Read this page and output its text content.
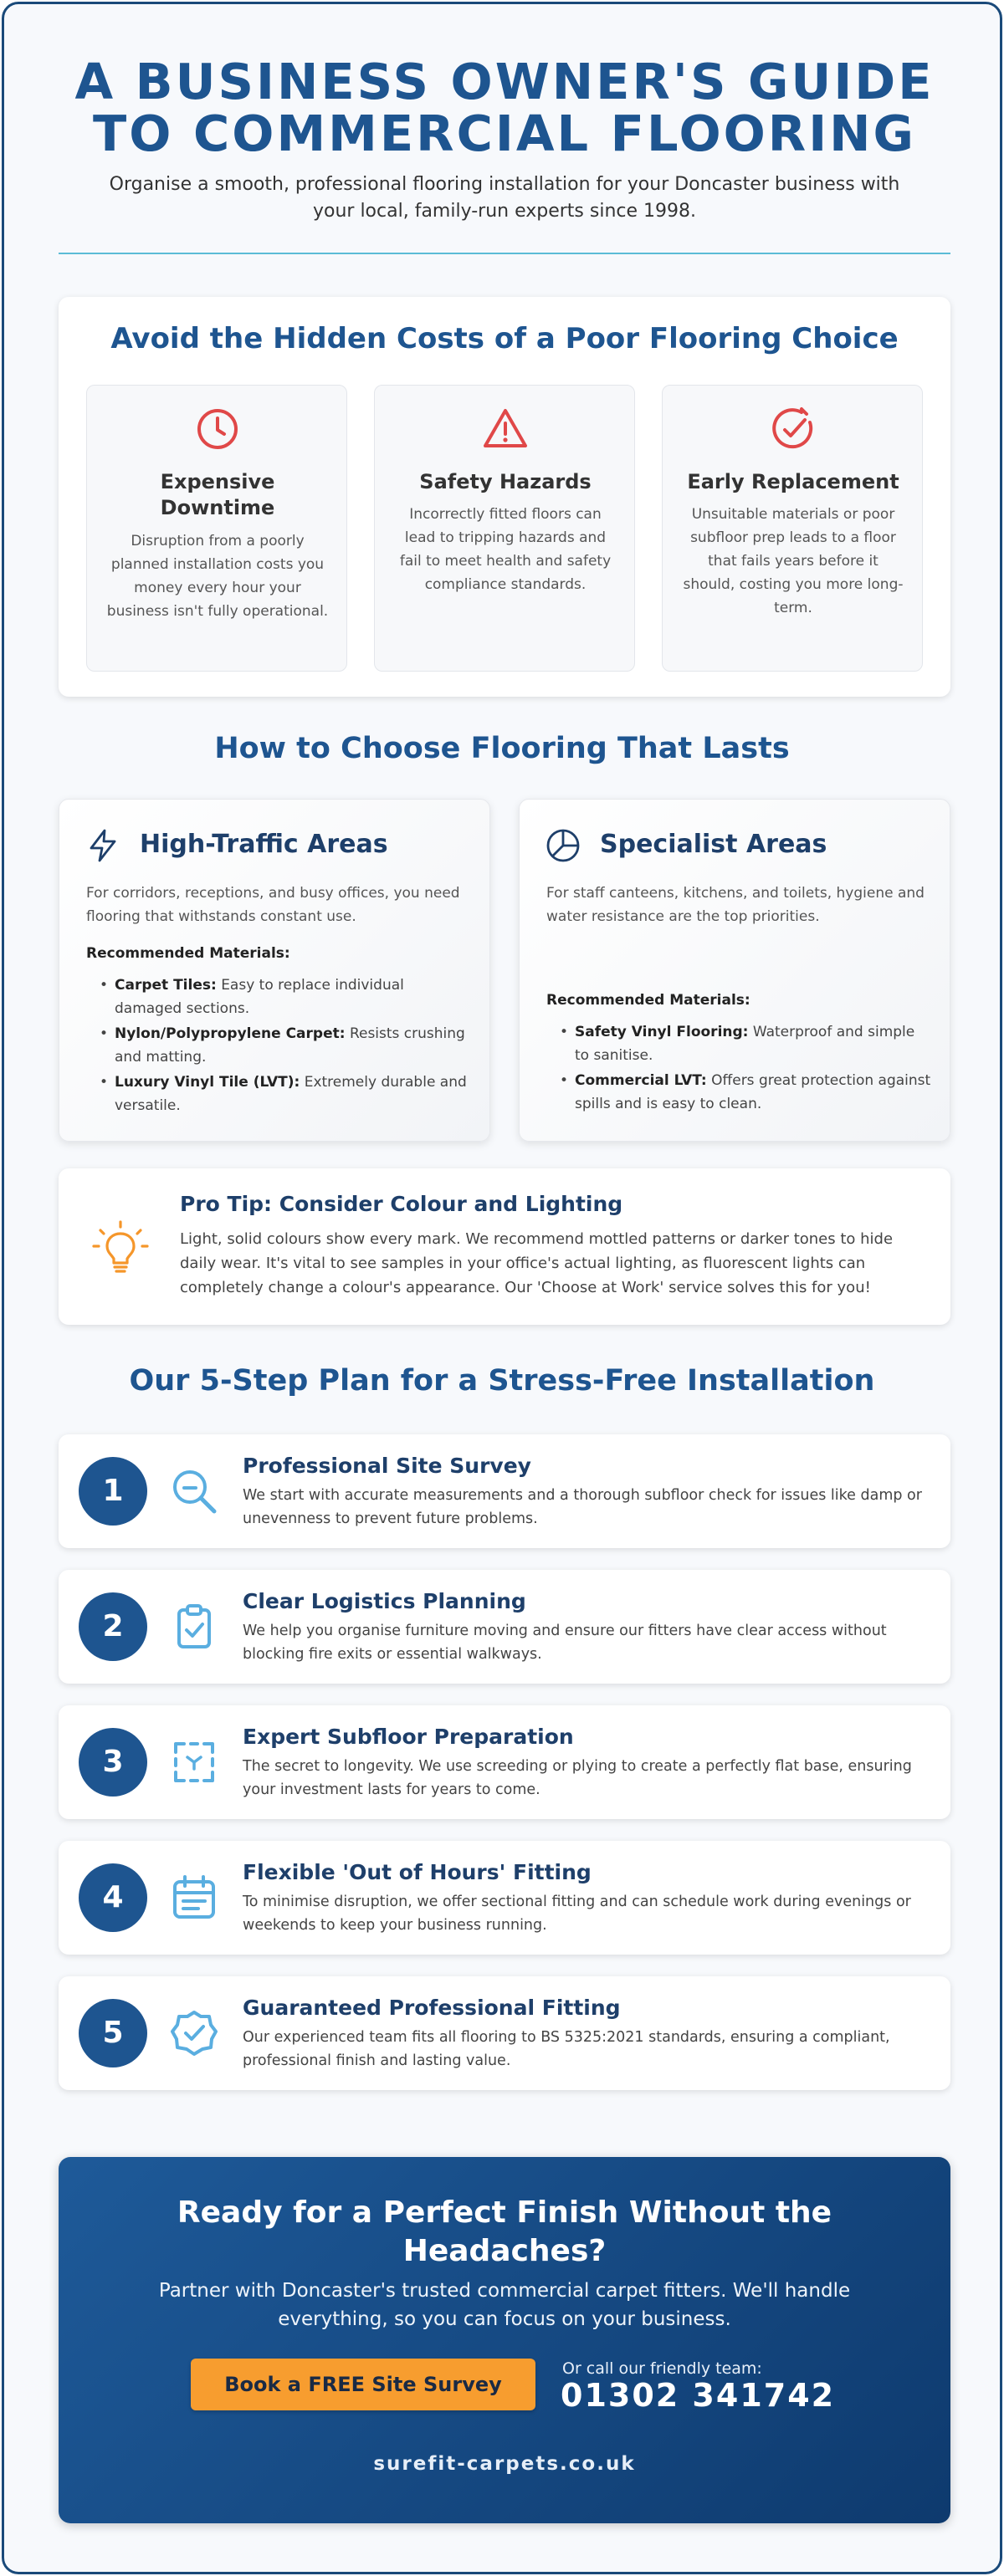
A BUSINESS OWNER'S GUIDE
TO COMMERCIAL FLOORING
Organise a smooth, professional flooring installation for your Doncaster business with
your local, family-run experts since 1998.
Avoid the Hidden Costs of a Poor Flooring Choice
Expensive
Downtime
Disruption from a poorly planned installation costs you money every hour your business isn't fully operational.
Safety Hazards
Incorrectly fitted floors can lead to tripping hazards and fail to meet health and safety compliance standards.
Early Replacement
Unsuitable materials or poor subfloor prep leads to a floor that fails years before it should, costing you more long-term.
How to Choose Flooring That Lasts
High-Traffic Areas
For corridors, receptions, and busy offices, you need flooring that withstands constant use.
Recommended Materials:
• Carpet Tiles: Easy to replace individual damaged sections.
• Nylon/Polypropylene Carpet: Resists crushing and matting.
• Luxury Vinyl Tile (LVT): Extremely durable and versatile.
Specialist Areas
For staff canteens, kitchens, and toilets, hygiene and water resistance are the top priorities.
Recommended Materials:
• Safety Vinyl Flooring: Waterproof and simple to sanitise.
• Commercial LVT: Offers great protection against spills and is easy to clean.
Pro Tip: Consider Colour and Lighting
Light, solid colours show every mark. We recommend mottled patterns or darker tones to hide daily wear. It's vital to see samples in your office's actual lighting, as fluorescent lights can completely change a colour's appearance. Our 'Choose at Work' service solves this for you!
Our 5-Step Plan for a Stress-Free Installation
1
Professional Site Survey
We start with accurate measurements and a thorough subfloor check for issues like damp or unevenness to prevent future problems.
2
Clear Logistics Planning
We help you organise furniture moving and ensure our fitters have clear access without blocking fire exits or essential walkways.
3
Expert Subfloor Preparation
The secret to longevity. We use screeding or plying to create a perfectly flat base, ensuring your investment lasts for years to come.
4
Flexible 'Out of Hours' Fitting
To minimise disruption, we offer sectional fitting and can schedule work during evenings or weekends to keep your business running.
5
Guaranteed Professional Fitting
Our experienced team fits all flooring to BS 5325:2021 standards, ensuring a compliant, professional finish and lasting value.
Ready for a Perfect Finish Without the
Headaches?
Partner with Doncaster's trusted commercial carpet fitters. We'll handle
everything, so you can focus on your business.
Book a FREE Site Survey
Or call our friendly team:
01302 341742
surefit-carpets.co.uk
